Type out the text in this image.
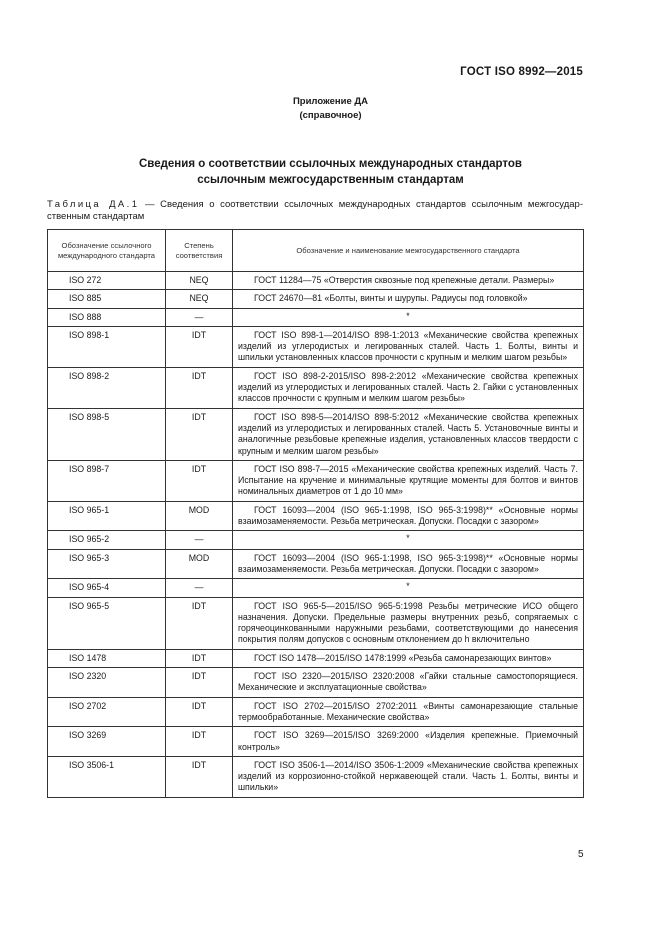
ГОСТ ISO 8992—2015
Приложение ДА
(справочное)
Сведения о соответствии ссылочных международных стандартов
ссылочным межгосударственным стандартам
Таблица ДА.1 — Сведения о соответствии ссылочных международных стандартов ссылочным межгосудар-ственным стандартам
Обозначение ссылочного международного стандарта	Степень соответствия	Обозначение и наименование межгосударственного стандарта
ISO 272	NEQ	ГОСТ 11284—75 «Отверстия сквозные под крепежные детали. Размеры»
ISO 885	NEQ	ГОСТ 24670—81 «Болты, винты и шурупы. Радиусы под головкой»
ISO 888	—	*
ISO 898-1	IDT	ГОСТ ISO 898-1—2014/ISO 898-1:2013 «Механические свойства крепежных изделий из углеродистых и легированных сталей. Часть 1. Болты, винты и шпильки установленных классов прочности с крупным и мелким шагом резьбы»
ISO 898-2	IDT	ГОСТ ISO 898-2-2015/ISO 898-2:2012 «Механические свойства крепежных изделий из углеродистых и легированных сталей. Часть 2. Гайки с установленных классов прочности с крупным и мелким шагом резьбы»
ISO 898-5	IDT	ГОСТ ISO 898-5—2014/ISO 898-5:2012 «Механические свойства крепежных изделий из углеродистых и легированных сталей. Часть 5. Установочные винты и аналогичные резьбовые крепежные изделия, установленных классов твердости с крупным и мелким шагом резьбы»
ISO 898-7	IDT	ГОСТ ISO 898-7—2015 «Механические свойства крепежных изделий. Часть 7. Испытание на кручение и минимальные крутящие моменты для болтов и винтов номинальных диаметров от 1 до 10 мм»
ISO 965-1	MOD	ГОСТ 16093—2004 (ISO 965-1:1998, ISO 965-3:1998)** «Основные нормы взаимозаменяемости. Резьба метрическая. Допуски. Посадки с зазором»
ISO 965-2	—	*
ISO 965-3	MOD	ГОСТ 16093—2004 (ISO 965-1:1998, ISO 965-3:1998)** «Основные нормы взаимозаменяемости. Резьба метрическая. Допуски. Посадки с зазором»
ISO 965-4	—	*
ISO 965-5	IDT	ГОСТ ISO 965-5—2015/ISO 965-5:1998 Резьбы метрические ИСО общего назначения. Допуски. Предельные размеры внутренних резьб, сопрягаемых с горячеоцинкованными наружными резьбами, соответствующими до нанесения покрытия полям допусков с основным отклонением до h включительно
ISO 1478	IDT	ГОСТ ISO 1478—2015/ISO 1478:1999 «Резьба самонарезающих винтов»
ISO 2320	IDT	ГОСТ ISO 2320—2015/ISO 2320:2008 «Гайки стальные самостопорящиеся. Механические и эксплуатационные свойства»
ISO 2702	IDT	ГОСТ ISO 2702—2015/ISO 2702:2011 «Винты самонарезающие стальные термообработанные. Механические свойства»
ISO 3269	IDT	ГОСТ ISO 3269—2015/ISO 3269:2000 «Изделия крепежные. Приемочный контроль»
ISO 3506-1	IDT	ГОСТ ISO 3506-1—2014/ISO 3506-1:2009 «Механические свойства крепежных изделий из коррозионно-стойкой нержавеющей стали. Часть 1. Болты, винты и шпильки»
5
